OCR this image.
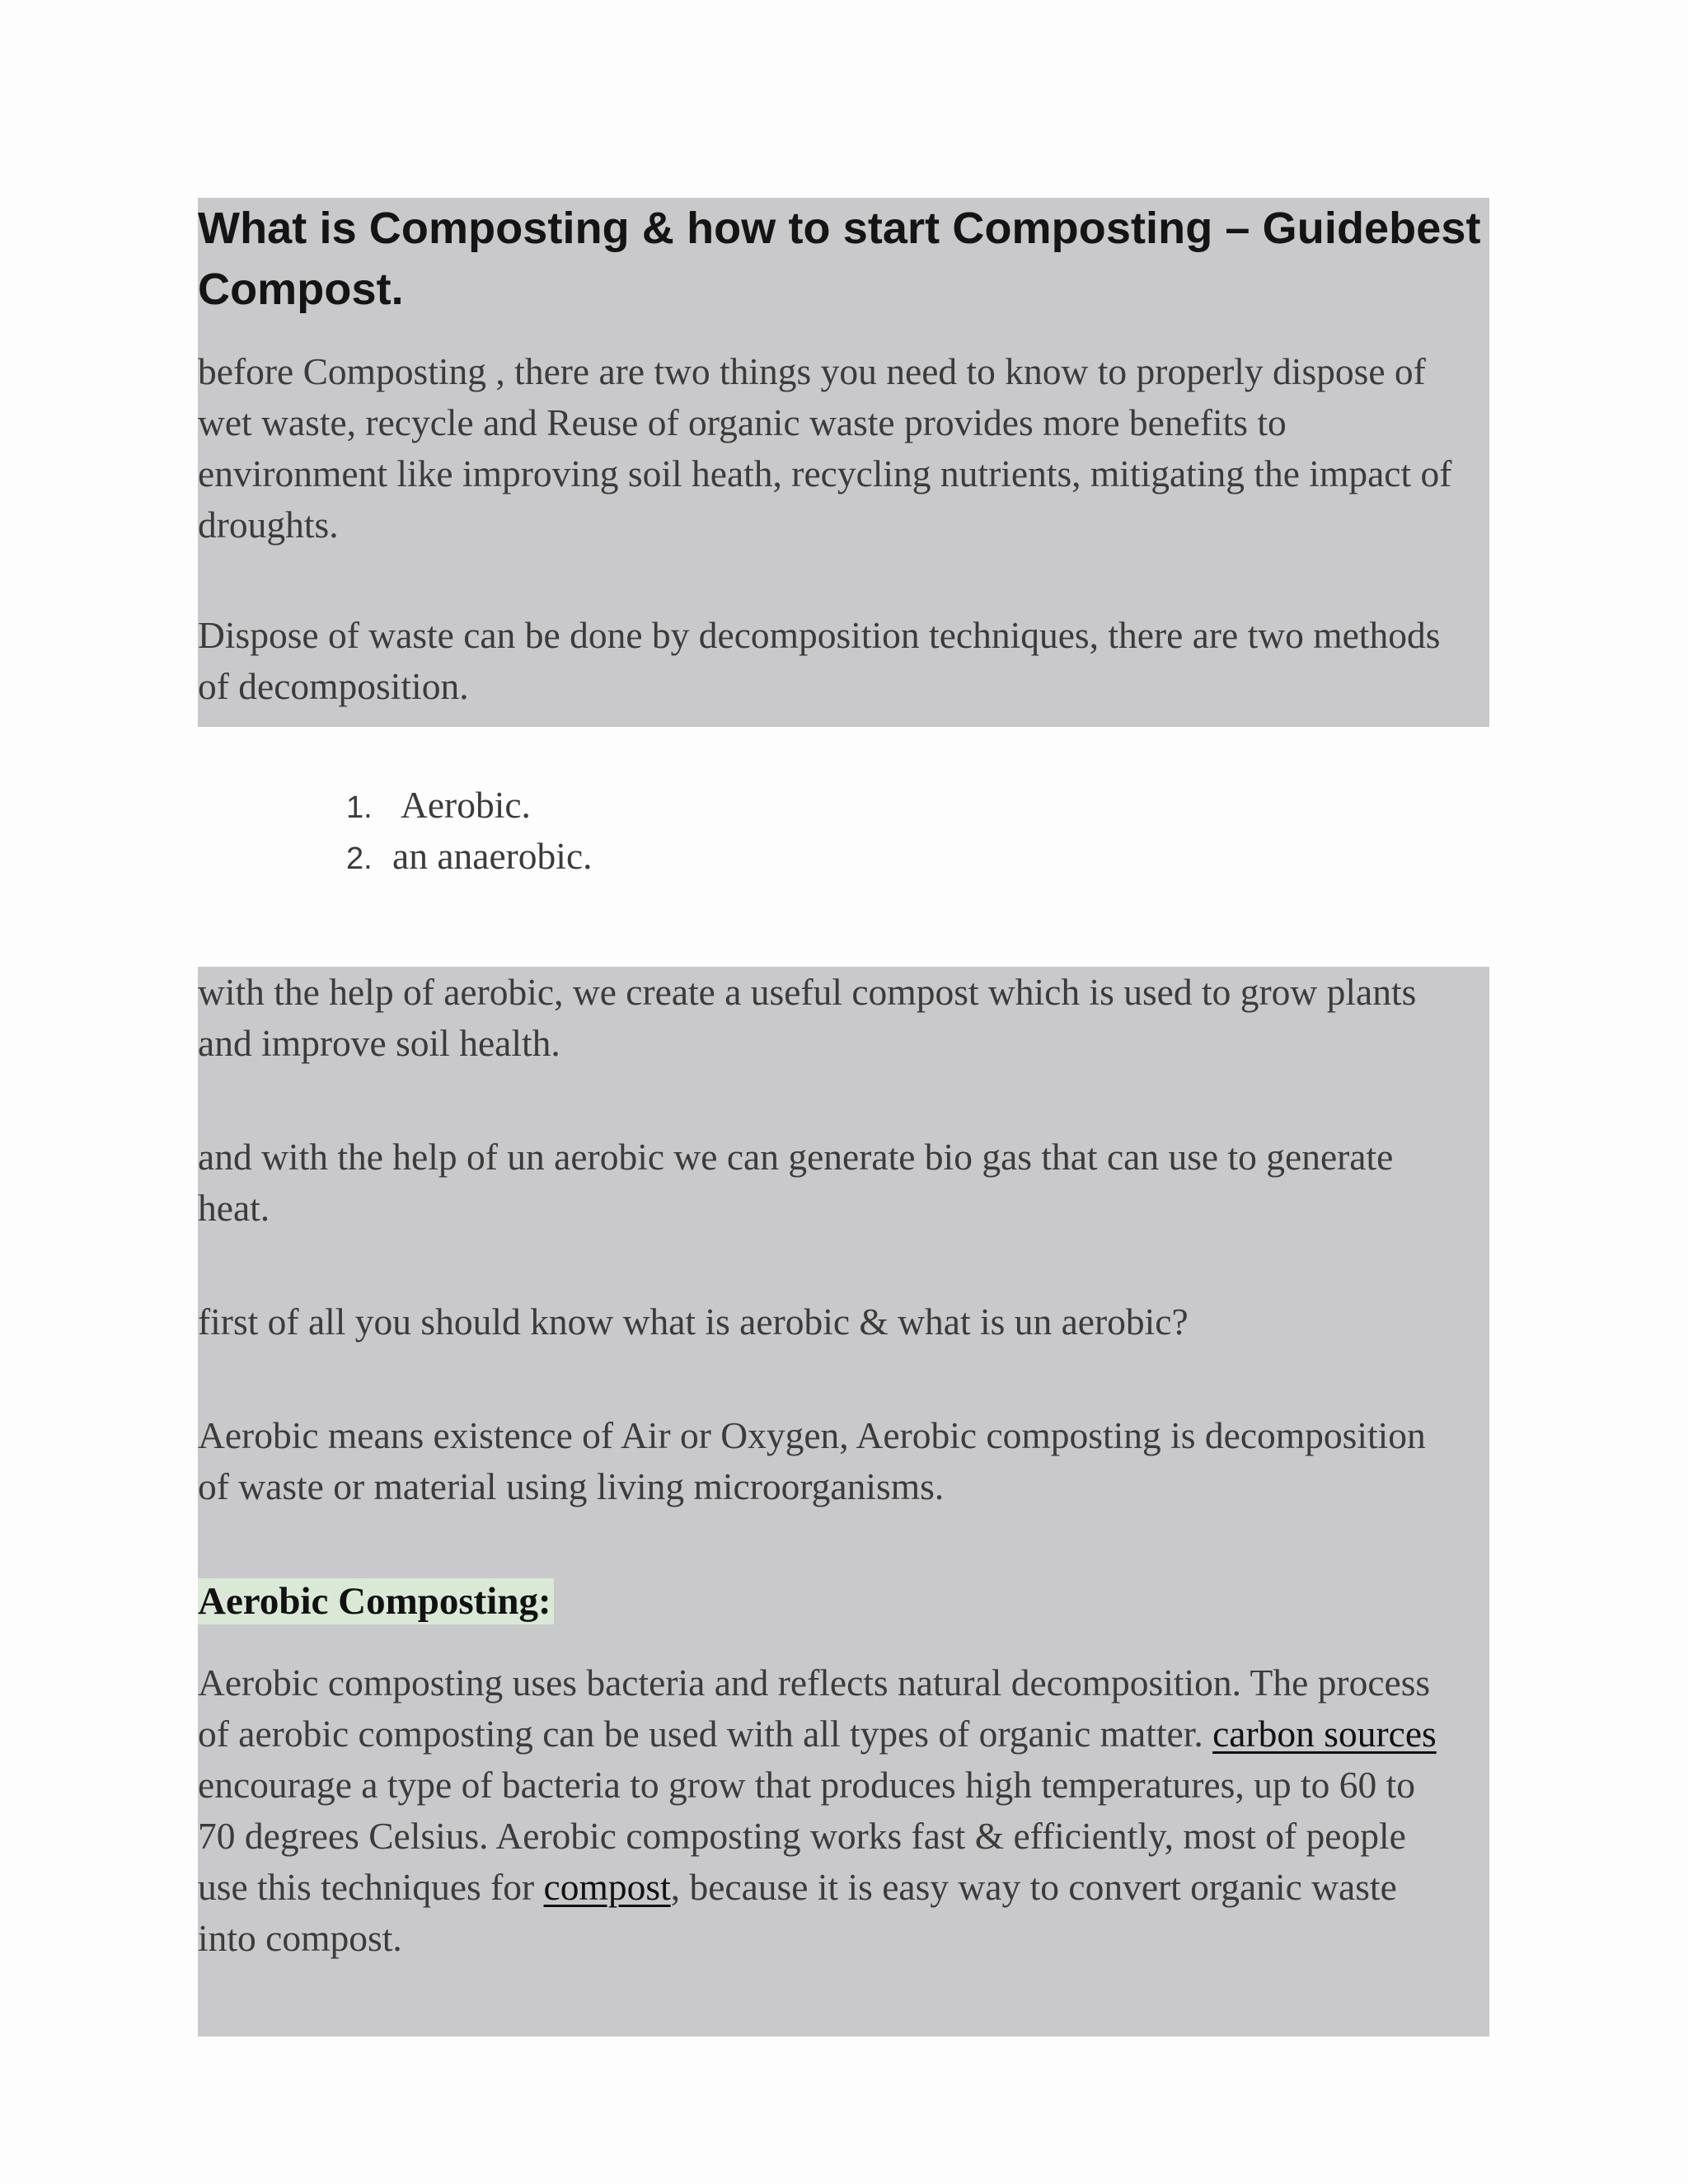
What is Composting & how to start Composting – Guidebest
Compost.

before Composting , there are two things you need to know to properly dispose of
wet waste, recycle and Reuse of organic waste provides more benefits to
environment like improving soil heath, recycling nutrients, mitigating the impact of
droughts.

Dispose of waste can be done by decomposition techniques, there are two methods
of decomposition.

1. Aerobic.
2. an anaerobic.

with the help of aerobic, we create a useful compost which is used to grow plants
and improve soil health.

and with the help of un aerobic we can generate bio gas that can use to generate
heat.

first of all you should know what is aerobic & what is un aerobic?

Aerobic means existence of Air or Oxygen, Aerobic composting is decomposition
of waste or material using living microorganisms.

Aerobic Composting:

Aerobic composting uses bacteria and reflects natural decomposition. The process
of aerobic composting can be used with all types of organic matter. carbon sources
encourage a type of bacteria to grow that produces high temperatures, up to 60 to
70 degrees Celsius. Aerobic composting works fast & efficiently, most of people
use this techniques for compost, because it is easy way to convert organic waste
into compost.
